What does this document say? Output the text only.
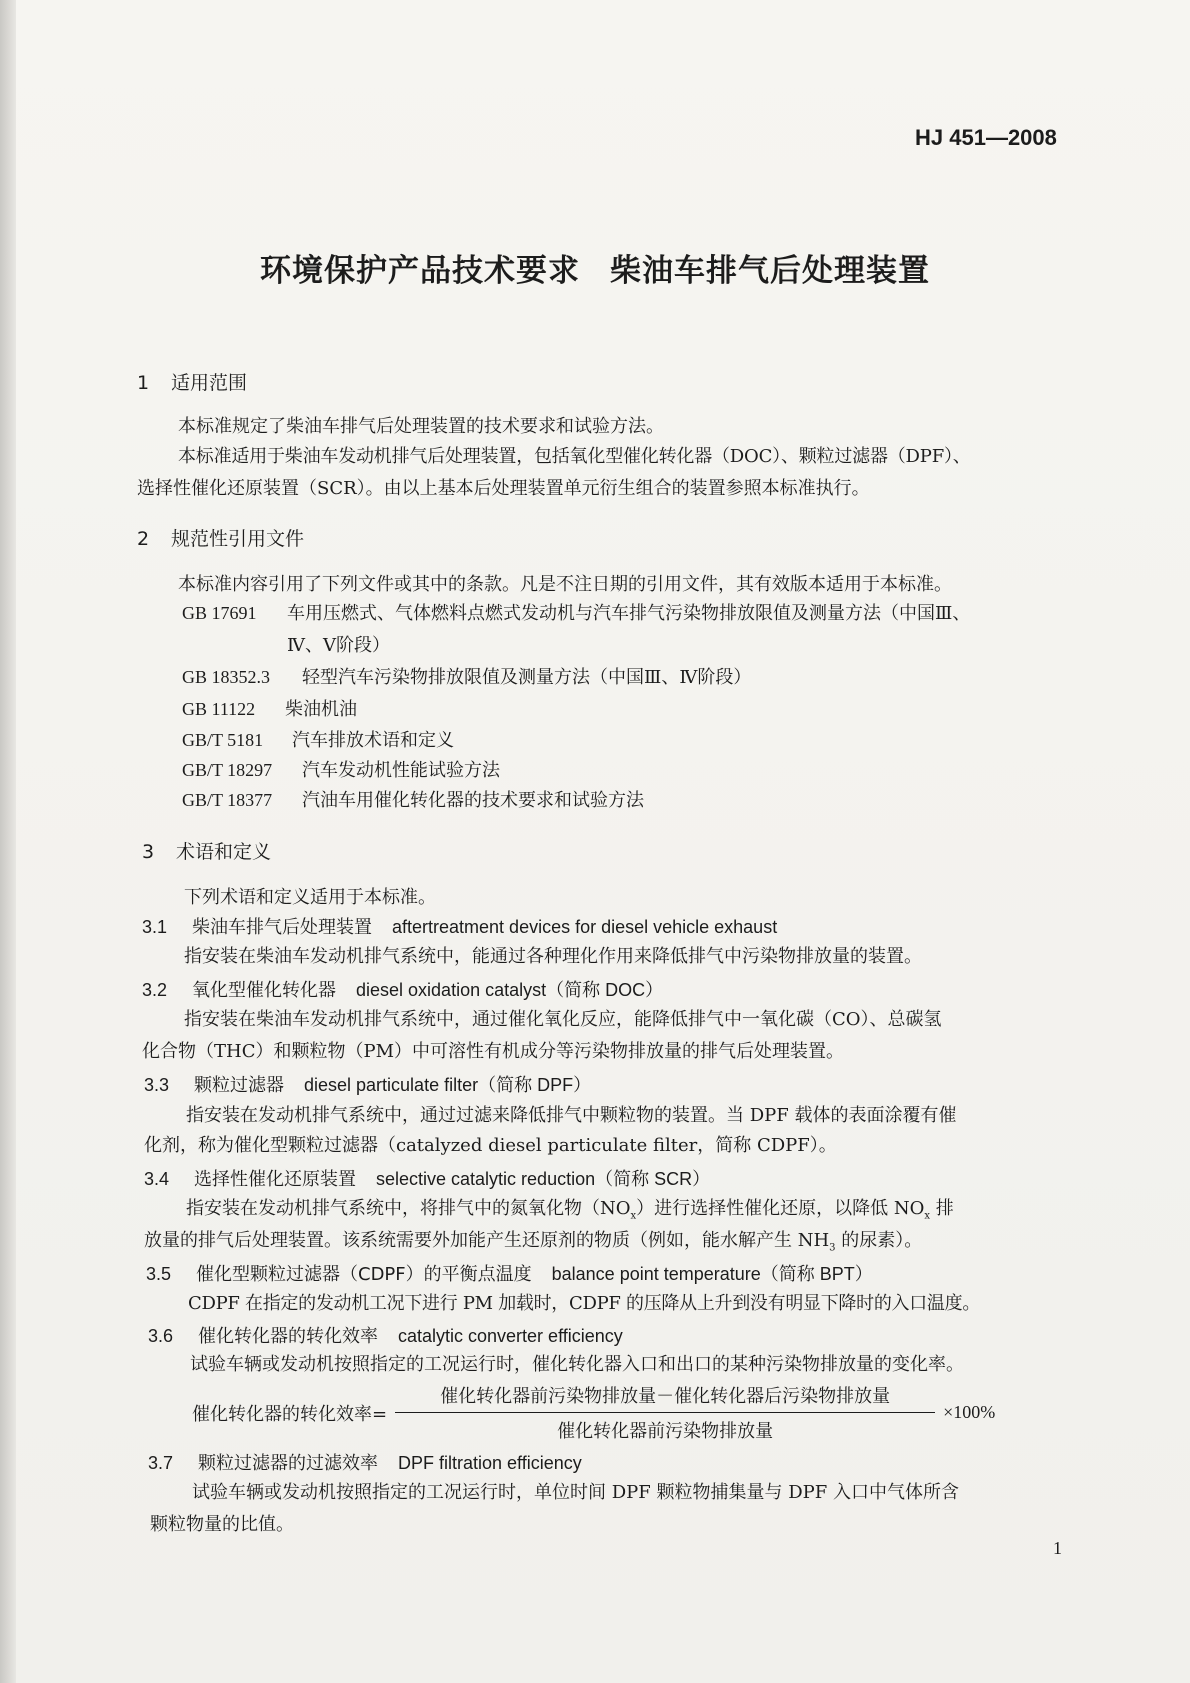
HJ 451—2008
环境保护产品技术要求 柴油车排气后处理装置
1 适用范围
本标准规定了柴油车排气后处理装置的技术要求和试验方法。
本标准适用于柴油车发动机排气后处理装置，包括氧化型催化转化器（DOC）、颗粒过滤器（DPF）、
选择性催化还原装置（SCR）。由以上基本后处理装置单元衍生组合的装置参照本标准执行。
2 规范性引用文件
本标准内容引用了下列文件或其中的条款。凡是不注日期的引用文件，其有效版本适用于本标准。
GB 17691 车用压燃式、气体燃料点燃式发动机与汽车排气污染物排放限值及测量方法（中国Ⅲ、
Ⅳ、Ⅴ阶段）
GB 18352.3 轻型汽车污染物排放限值及测量方法（中国Ⅲ、Ⅳ阶段）
GB 11122 柴油机油
GB/T 5181 汽车排放术语和定义
GB/T 18297 汽车发动机性能试验方法
GB/T 18377 汽油车用催化转化器的技术要求和试验方法
3 术语和定义
下列术语和定义适用于本标准。
3.1 柴油车排气后处理装置 aftertreatment devices for diesel vehicle exhaust
指安装在柴油车发动机排气系统中，能通过各种理化作用来降低排气中污染物排放量的装置。
3.2 氧化型催化转化器 diesel oxidation catalyst（简称 DOC）
指安装在柴油车发动机排气系统中，通过催化氧化反应，能降低排气中一氧化碳（CO）、总碳氢
化合物（THC）和颗粒物（PM）中可溶性有机成分等污染物排放量的排气后处理装置。
3.3 颗粒过滤器 diesel particulate filter（简称 DPF）
指安装在发动机排气系统中，通过过滤来降低排气中颗粒物的装置。当 DPF 载体的表面涂覆有催
化剂，称为催化型颗粒过滤器（catalyzed diesel particulate filter，简称 CDPF）。
3.4 选择性催化还原装置 selective catalytic reduction（简称 SCR）
指安装在发动机排气系统中，将排气中的氮氧化物$(NO_x)$进行选择性催化还原，以降低 $NO_x$ 排
放量的排气后处理装置。该系统需要外加能产生还原剂的物质（例如，能水解产生 $NH_3$ 的尿素）。
3.5 催化型颗粒过滤器（CDPF）的平衡点温度 balance point temperature（简称 BPT）
CDPF 在指定的发动机工况下进行 PM 加载时，CDPF 的压降从上升到没有明显下降时的入口温度。
3.6 催化转化器的转化效率 catalytic converter efficiency
试验车辆或发动机按照指定的工况运行时，催化转化器入口和出口的某种污染物排放量的变化率。
催化转化器的转化效率= $\frac{\text{催化转化器前污染物排放量－催化转化器后污染物排放量}}{\text{催化转化器前污染物排放量}} \times 100\%$
3.7 颗粒过滤器的过滤效率 DPF filtration efficiency
试验车辆或发动机按照指定的工况运行时，单位时间 DPF 颗粒物捕集量与 DPF 入口中气体所含
颗粒物量的比值。
1
